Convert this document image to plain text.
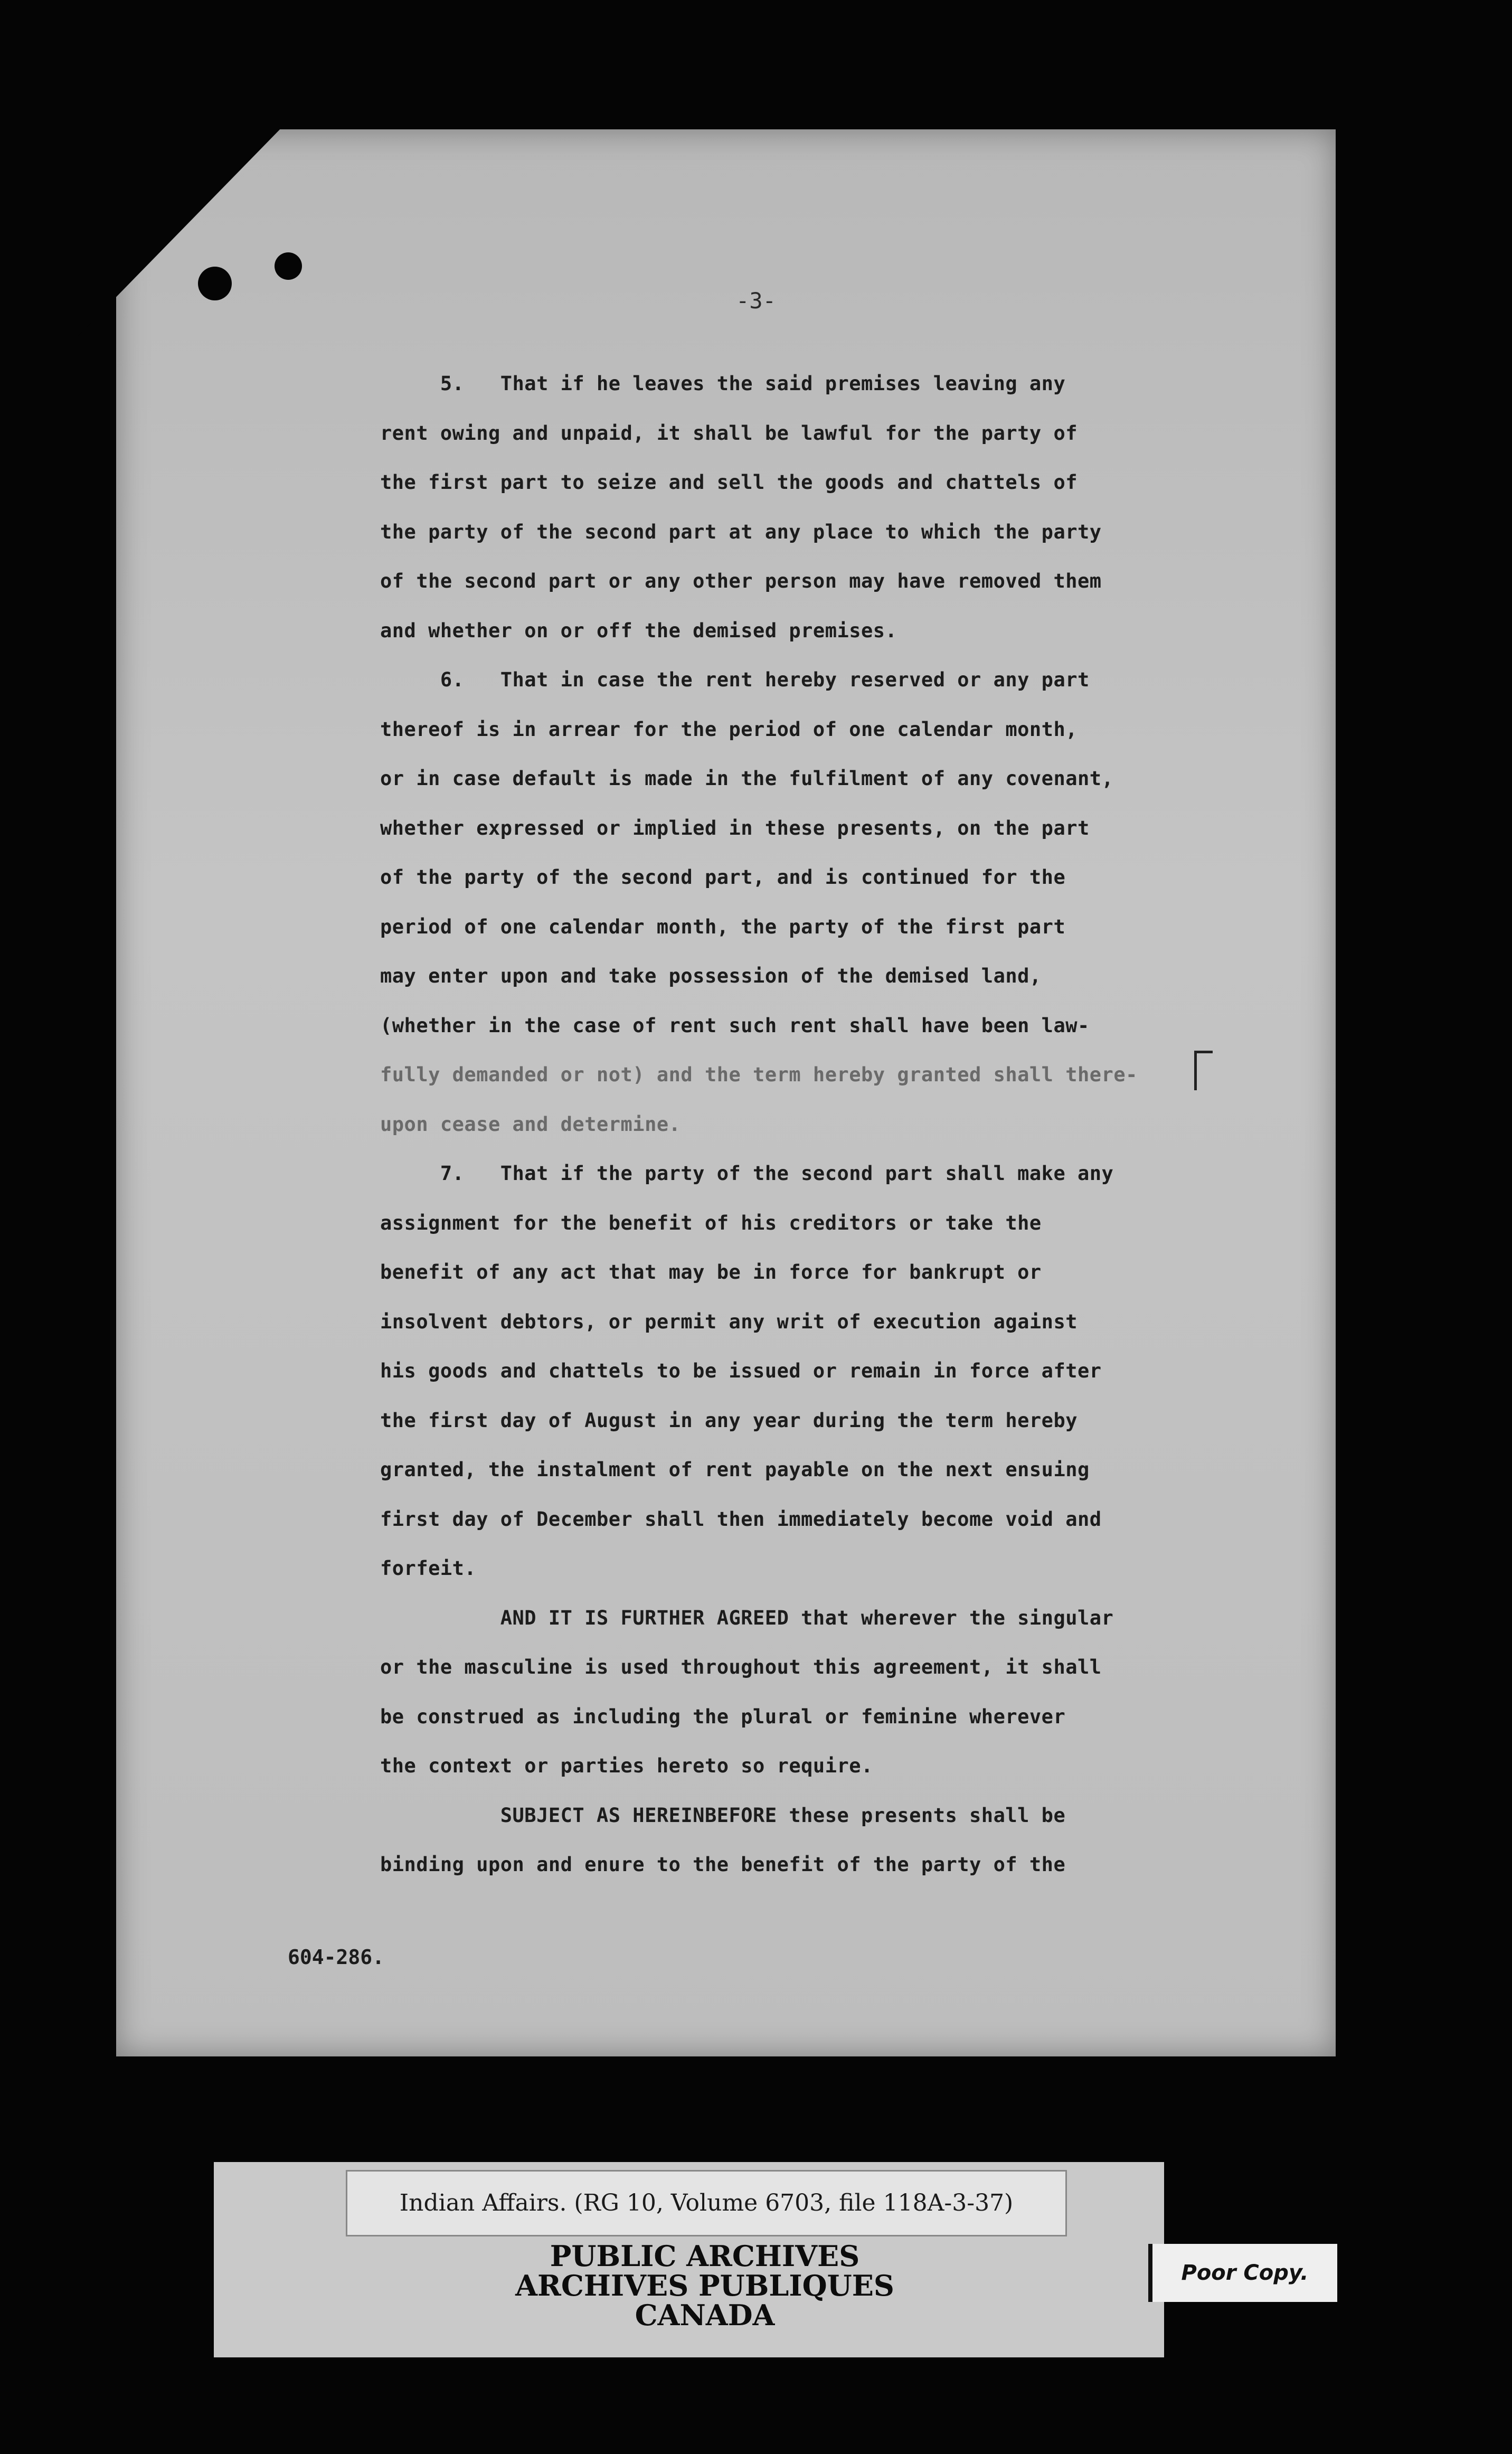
-3-
5.   That if he leaves the said premises leaving any
rent owing and unpaid, it shall be lawful for the party of
the first part to seize and sell the goods and chattels of
the party of the second part at any place to which the party
of the second part or any other person may have removed them
and whether on or off the demised premises.
6.   That in case the rent hereby reserved or any part
thereof is in arrear for the period of one calendar month,
or in case default is made in the fulfilment of any covenant,
whether expressed or implied in these presents, on the part
of the party of the second part, and is continued for the
period of one calendar month, the party of the first part
may enter upon and take possession of the demised land,
(whether in the case of rent such rent shall have been law-
fully demanded or not) and the term hereby granted shall there-
upon cease and determine.
7.   That if the party of the second part shall make any
assignment for the benefit of his creditors or take the
benefit of any act that may be in force for bankrupt or
insolvent debtors, or permit any writ of execution against
his goods and chattels to be issued or remain in force after
the first day of August in any year during the term hereby
granted, the instalment of rent payable on the next ensuing
first day of December shall then immediately become void and
forfeit.
AND IT IS FURTHER AGREED that wherever the singular
or the masculine is used throughout this agreement, it shall
be construed as including the plural or feminine wherever
the context or parties hereto so require.
SUBJECT AS HEREINBEFORE these presents shall be
binding upon and enure to the benefit of the party of the
604-286.
Indian Affairs. (RG 10, Volume 6703, file 118A-3-37)
PUBLIC ARCHIVES
ARCHIVES PUBLIQUES
CANADA
Poor Copy.
